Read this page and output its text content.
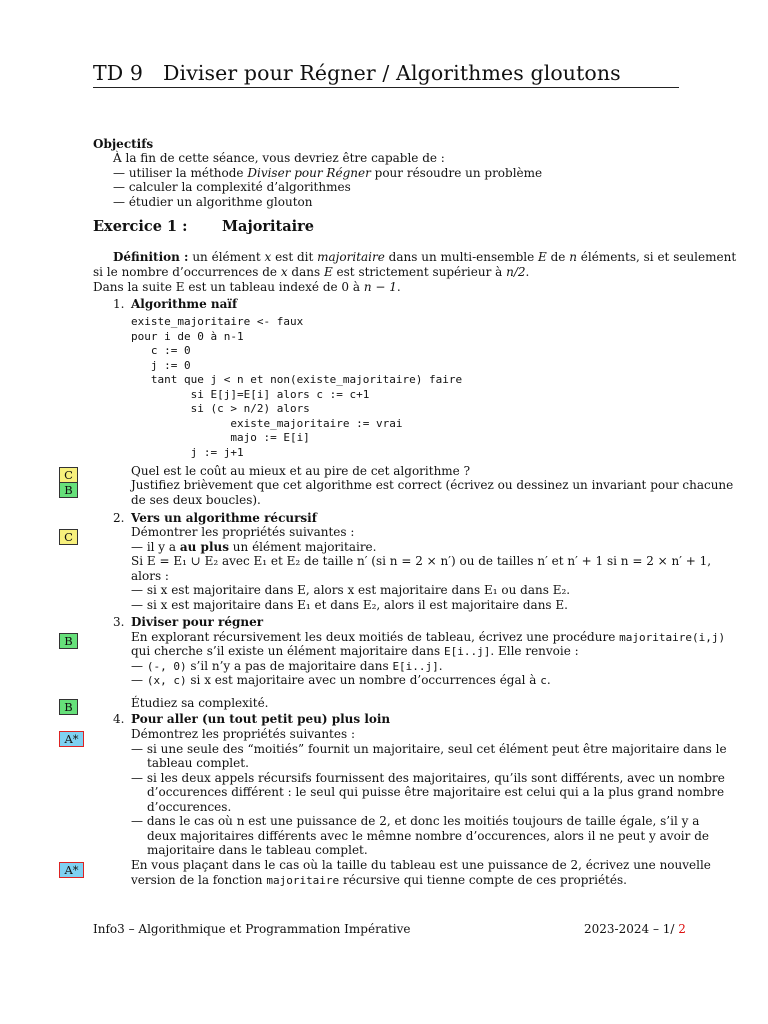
TD 9 Diviser pour Régner / Algorithmes gloutons
Objectifs
À la fin de cette séance, vous devriez être capable de :
— utiliser la méthode Diviser pour Régner pour résoudre un problème
— calculer la complexité d’algorithmes
— étudier un algorithme glouton
Exercice 1 : Majoritaire
Définition : un élément x est dit majoritaire dans un multi-ensemble E de n éléments, si et seulement
si le nombre d’occurrences de x dans E est strictement supérieur à n/2.
Dans la suite E est un tableau indexé de 0 à n − 1.
1. Algorithme naïf
existe_majoritaire <- faux
pour i de 0 à n-1
c := 0
j := 0
tant que j < n et non(existe_majoritaire) faire
si E[j]=E[i] alors c := c+1
si (c > n/2) alors
existe_majoritaire := vrai
majo := E[i]
j := j+1
C	Quel est le coût au mieux et au pire de cet algorithme ?
B	Justifiez brièvement que cet algorithme est correct (écrivez ou dessinez un invariant pour chacune
de ses deux boucles).
2. Vers un algorithme récursif
C	Démontrer les propriétés suivantes :
— il y a au plus un élément majoritaire.
Si E = E₁ ∪ E₂ avec E₁ et E₂ de taille n′ (si n = 2 × n′) ou de tailles n′ et n′ + 1 si n = 2 × n′ + 1,
alors :
— si x est majoritaire dans E, alors x est majoritaire dans E₁ ou dans E₂.
— si x est majoritaire dans E₁ et dans E₂, alors il est majoritaire dans E.
3. Diviser pour régner
B	En explorant récursivement les deux moitiés de tableau, écrivez une procédure majoritaire(i,j)
qui cherche s’il existe un élément majoritaire dans E[i..j]. Elle renvoie :
— (-, 0) s’il n’y a pas de majoritaire dans E[i..j].
— (x, c) si x est majoritaire avec un nombre d’occurrences égal à c.
B	Étudiez sa complexité.
4. Pour aller (un tout petit peu) plus loin
A*	Démontrez les propriétés suivantes :
— si une seule des “moitiés” fournit un majoritaire, seul cet élément peut être majoritaire dans le
tableau complet.
— si les deux appels récursifs fournissent des majoritaires, qu’ils sont différents, avec un nombre
d’occurences différent : le seul qui puisse être majoritaire est celui qui a la plus grand nombre
d’occurences.
— dans le cas où n est une puissance de 2, et donc les moitiés toujours de taille égale, s’il y a
deux majoritaires différents avec le mêmne nombre d’occurences, alors il ne peut y avoir de
majoritaire dans le tableau complet.
A*	En vous plaçant dans le cas où la taille du tableau est une puissance de 2, écrivez une nouvelle
version de la fonction majoritaire récursive qui tienne compte de ces propriétés.
Info3 – Algorithmique et Programmation Impérative	2023-2024 – 1/ 2
